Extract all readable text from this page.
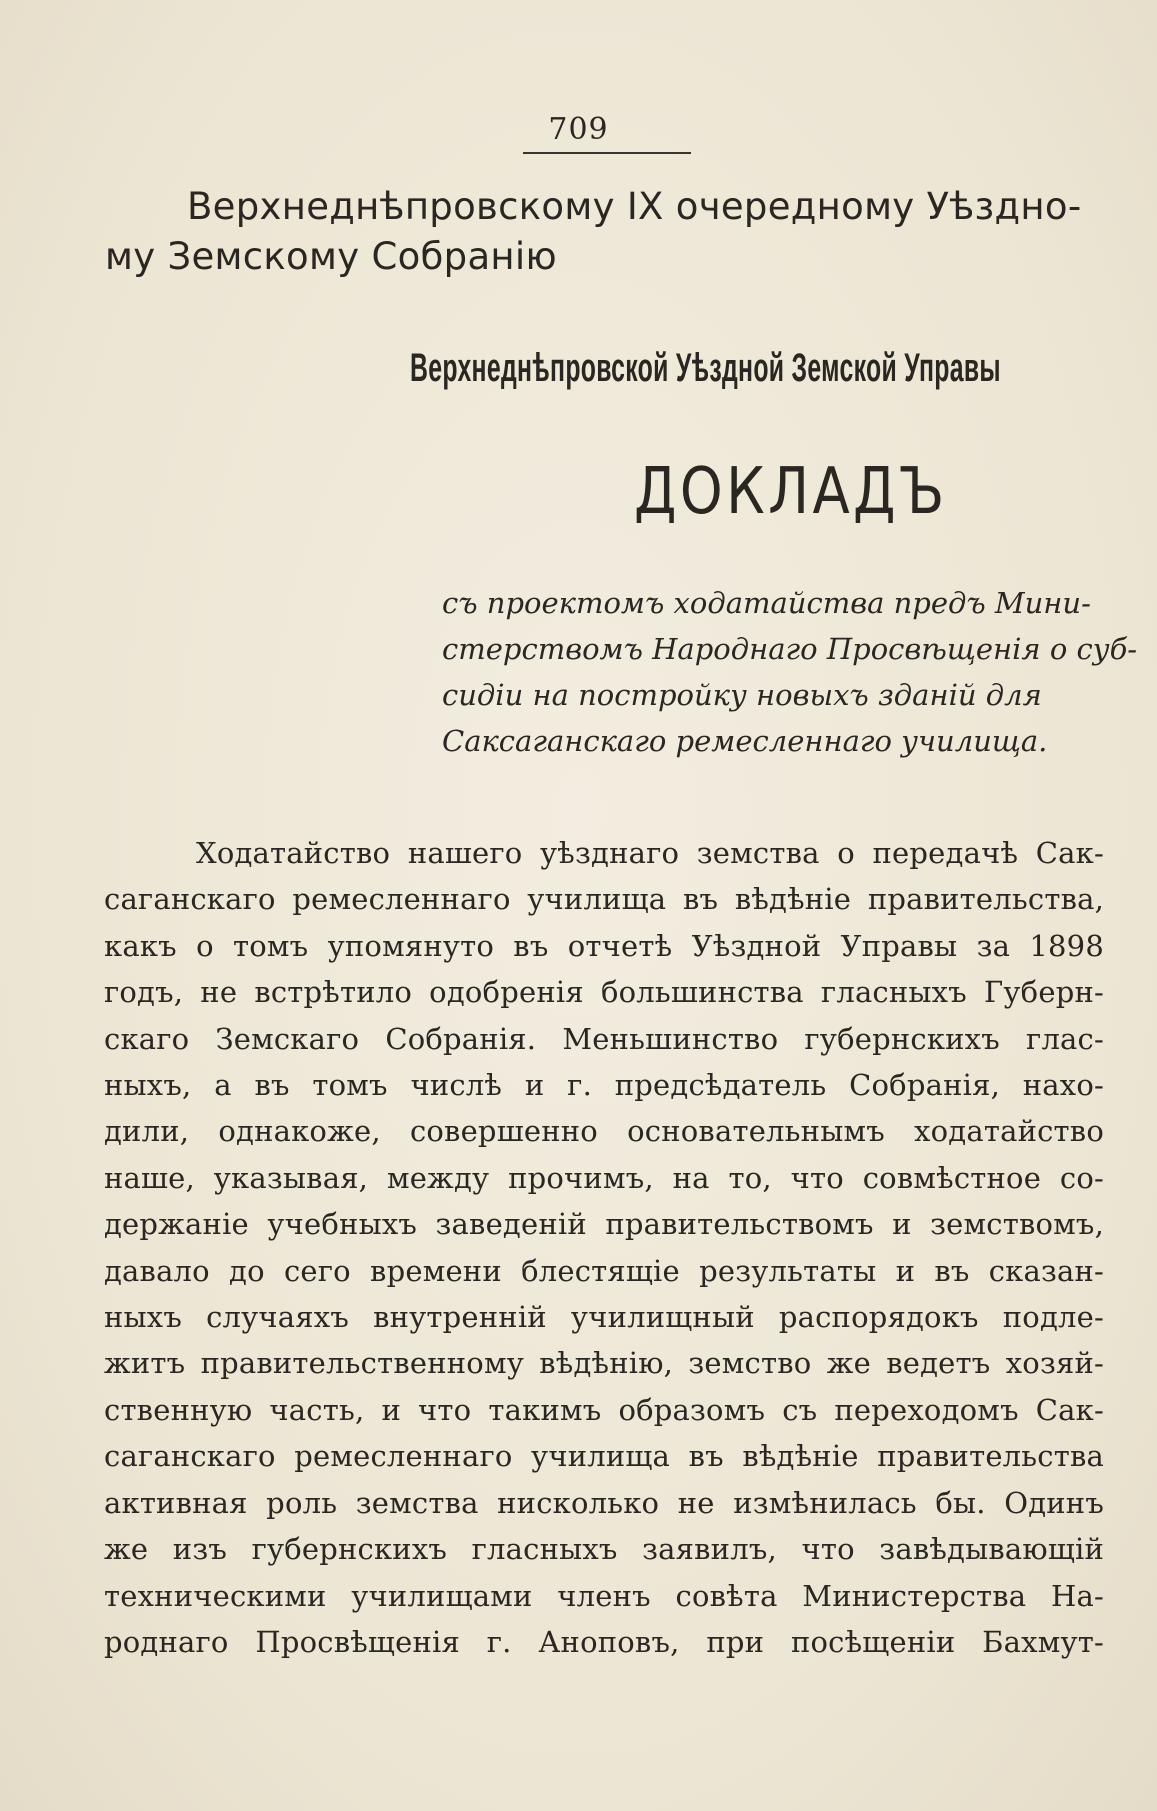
709
Верхнеднѣпровскому IX очередному Уѣздно-
му Земскому Собранію
Верхнеднѣпровской Уѣздной Земской Управы
ДОКЛАДЪ
съ проектомъ ходатайства предъ Мини-
стерствомъ Народнаго Просвѣщенія о суб-
сидіи на постройку новыхъ зданій для
Саксаганскаго ремесленнаго училища.
Ходатайство нашего уѣзднаго земства о передачѣ Сак-
саганскаго ремесленнаго училища въ вѣдѣніе правительства,
какъ о томъ упомянуто въ отчетѣ Уѣздной Управы за 1898
годъ, не встрѣтило одобренія большинства гласныхъ Губерн-
скаго Земскаго Собранія. Меньшинство губернскихъ глас-
ныхъ, а въ томъ числѣ и г. предсѣдатель Собранія, нахо-
дили, однакоже, совершенно основательнымъ ходатайство
наше, указывая, между прочимъ, на то, что совмѣстное со-
держаніе учебныхъ заведеній правительствомъ и земствомъ,
давало до сего времени блестящіе результаты и въ сказан-
ныхъ случаяхъ внутренній училищный распорядокъ подле-
житъ правительственному вѣдѣнію, земство же ведетъ хозяй-
ственную часть, и что такимъ образомъ съ переходомъ Сак-
саганскаго ремесленнаго училища въ вѣдѣніе правительства
активная роль земства нисколько не измѣнилась бы. Одинъ
же изъ губернскихъ гласныхъ заявилъ, что завѣдывающій
техническими училищами членъ совѣта Министерства На-
роднаго Просвѣщенія г. Аноповъ, при посѣщеніи Бахмут-
